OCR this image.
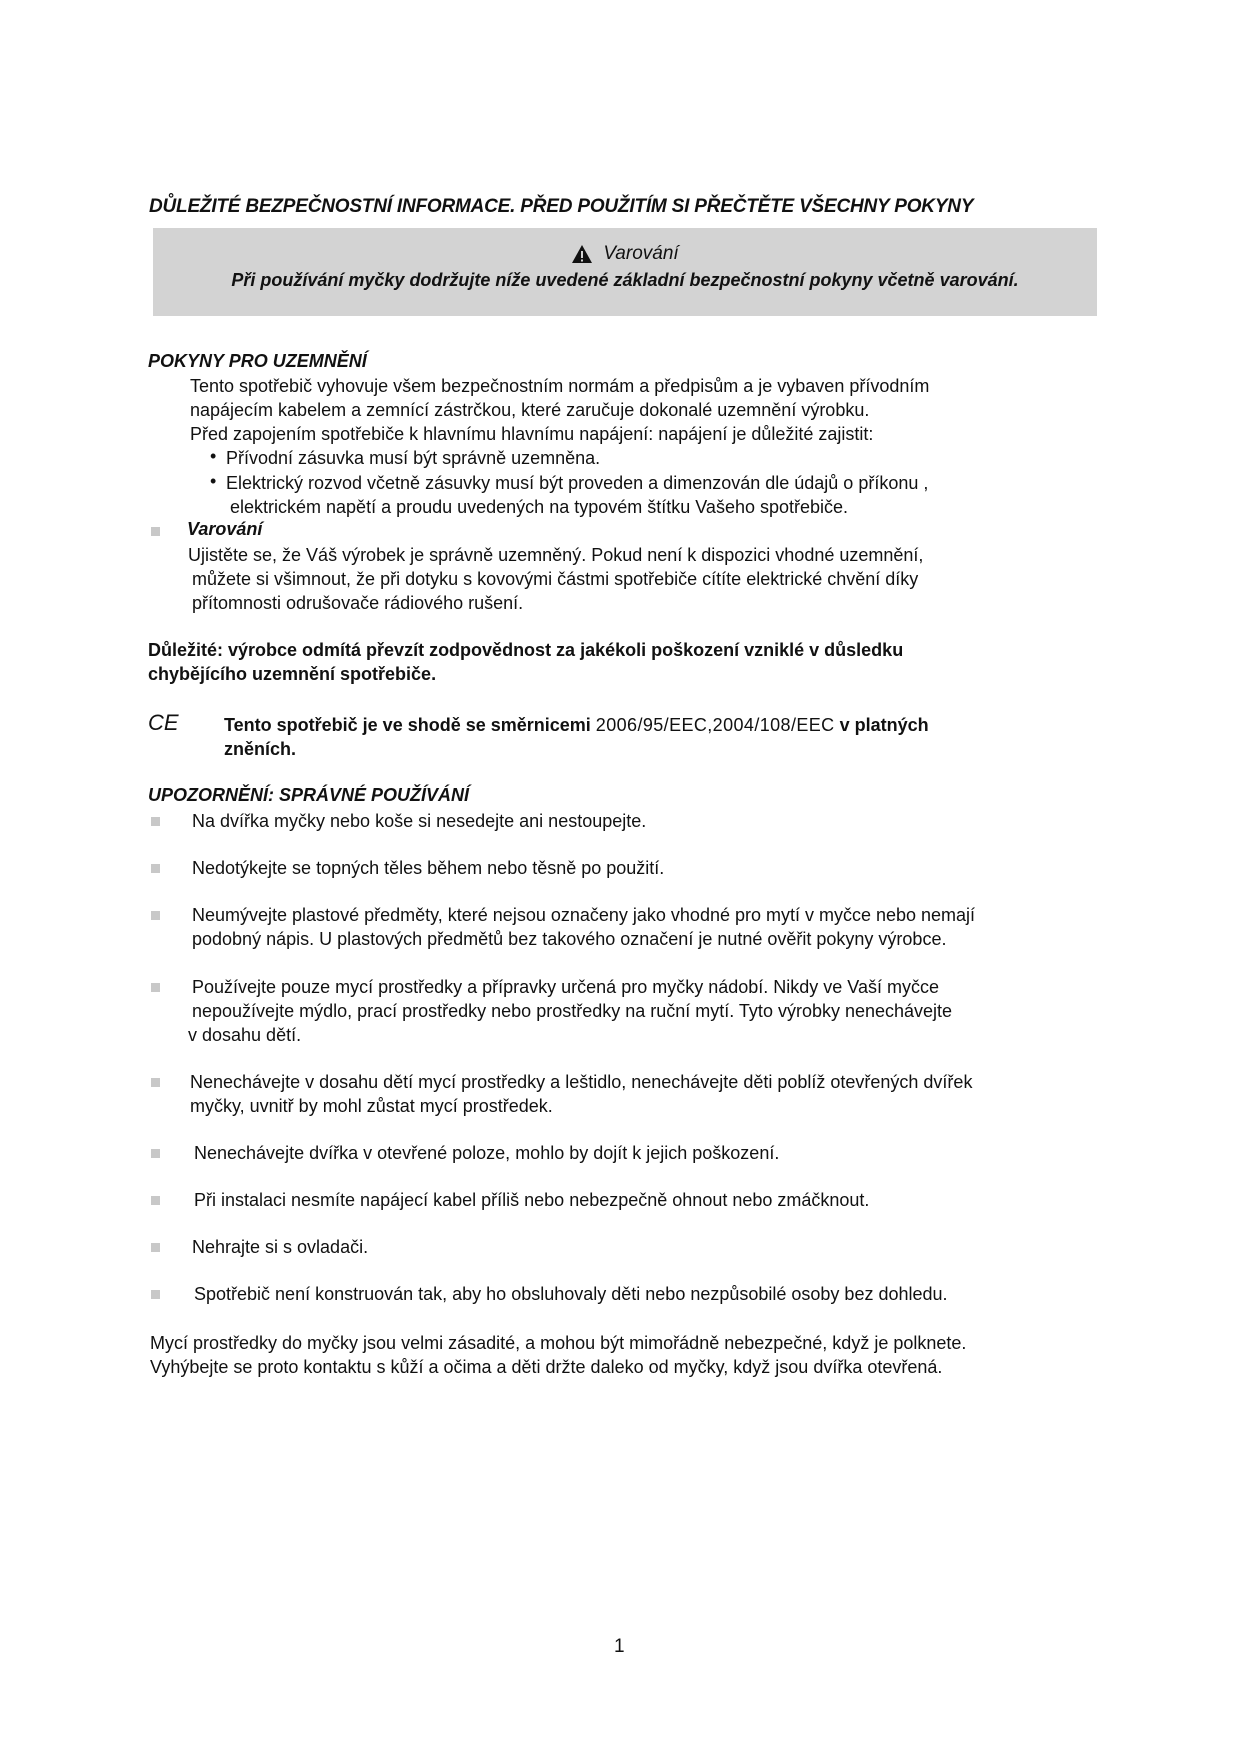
DŮLEŽITÉ BEZPEČNOSTNÍ INFORMACE. PŘED POUŽITÍM SI PŘEČTĚTE VŠECHNY POKYNY
Varování
Při používání myčky dodržujte níže uvedené základní bezpečnostní pokyny včetně varování.
POKYNY PRO UZEMNĚNÍ
Tento spotřebič vyhovuje všem bezpečnostním normám a předpisům a je vybaven přívodním
napájecím kabelem a zemnící zástrčkou, které zaručuje dokonalé uzemnění výrobku.
Před zapojením spotřebiče k hlavnímu hlavnímu napájení: napájení je důležité zajistit:
• Přívodní zásuvka musí být správně uzemněna.
• Elektrický rozvod včetně zásuvky musí být proveden a dimenzován dle údajů o příkonu ,
elektrickém napětí a proudu uvedených na typovém štítku Vašeho spotřebiče.
Varování
Ujistěte se, že Váš výrobek je správně uzemněný. Pokud není k dispozici vhodné uzemnění,
můžete si všimnout, že při dotyku s kovovými částmi spotřebiče cítíte elektrické chvění díky
přítomnosti odrušovače rádiového rušení.
Důležité: výrobce odmítá převzít zodpovědnost za jakékoli poškození vzniklé v důsledku
chybějícího uzemnění spotřebiče.
CE	Tento spotřebič je ve shodě se směrnicemi 2006/95/EEC,2004/108/EEC v platných
zněních.
UPOZORNĚNÍ: SPRÁVNÉ POUŽÍVÁNÍ
Na dvířka myčky nebo koše si nesedejte ani nestoupejte.
Nedotýkejte se topných těles během nebo těsně po použití.
Neumývejte plastové předměty, které nejsou označeny jako vhodné pro mytí v myčce nebo nemají
podobný nápis. U plastových předmětů bez takového označení je nutné ověřit pokyny výrobce.
Používejte pouze mycí prostředky a přípravky určená pro myčky nádobí. Nikdy ve Vaší myčce
nepoužívejte mýdlo, prací prostředky nebo prostředky na ruční mytí. Tyto výrobky nenechávejte
v dosahu dětí.
Nenechávejte v dosahu dětí mycí prostředky a leštidlo, nenechávejte děti poblíž otevřených dvířek
myčky, uvnitř by mohl zůstat mycí prostředek.
Nenechávejte dvířka v otevřené poloze, mohlo by dojít k jejich poškození.
Při instalaci nesmíte napájecí kabel příliš nebo nebezpečně ohnout nebo zmáčknout.
Nehrajte si s ovladači.
Spotřebič není konstruován tak, aby ho obsluhovaly děti nebo nezpůsobilé osoby bez dohledu.
Mycí prostředky do myčky jsou velmi zásadité, a mohou být mimořádně nebezpečné, když je polknete.
Vyhýbejte se proto kontaktu s kůží a očima a děti držte daleko od myčky, když jsou dvířka otevřená.
1
